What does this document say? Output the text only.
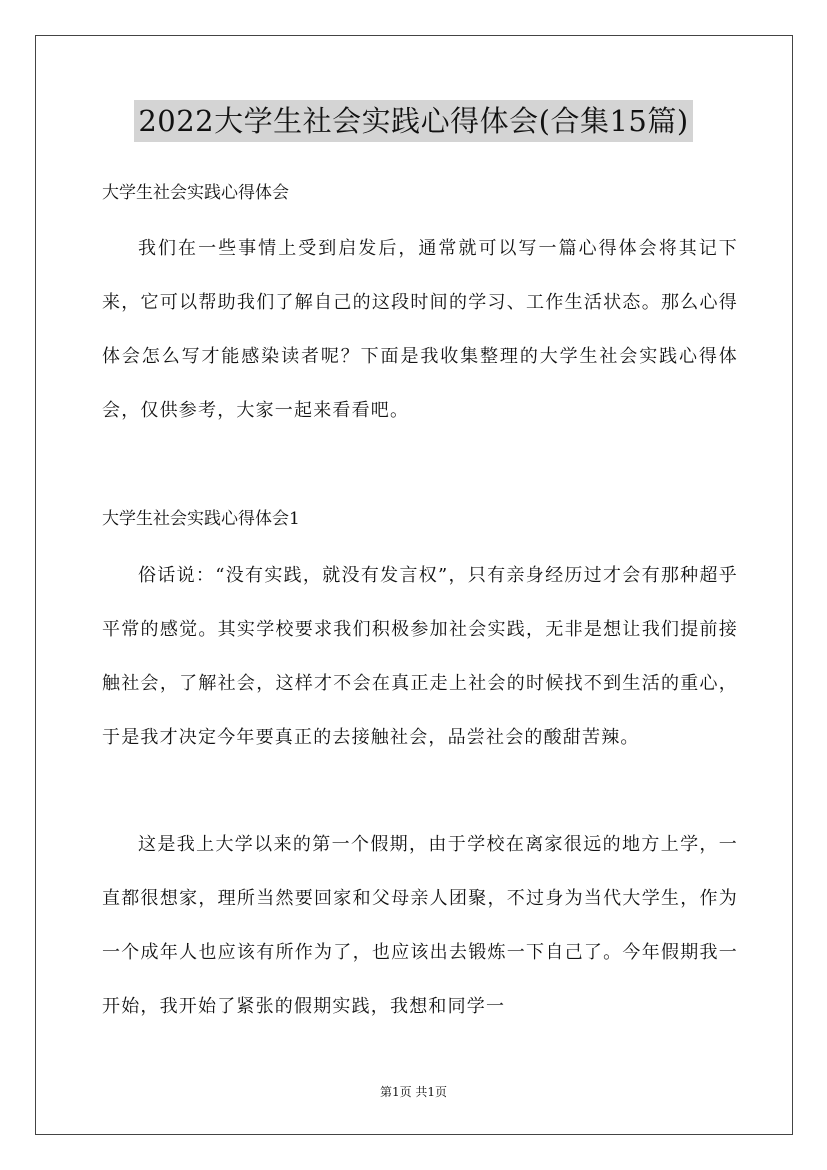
2022大学生社会实践心得体会(合集15篇)

大学生社会实践心得体会

我们在一些事情上受到启发后，通常就可以写一篇心得体会将其记下来，它可以帮助我们了解自己的这段时间的学习、工作生活状态。那么心得体会怎么写才能感染读者呢？下面是我收集整理的大学生社会实践心得体会，仅供参考，大家一起来看看吧。

大学生社会实践心得体会1

俗话说：“没有实践，就没有发言权”，只有亲身经历过才会有那种超乎平常的感觉。其实学校要求我们积极参加社会实践，无非是想让我们提前接触社会，了解社会，这样才不会在真正走上社会的时候找不到生活的重心，于是我才决定今年要真正的去接触社会，品尝社会的酸甜苦辣。

这是我上大学以来的第一个假期，由于学校在离家很远的地方上学，一直都很想家，理所当然要回家和父母亲人团聚，不过身为当代大学生，作为一个成年人也应该有所作为了，也应该出去锻炼一下自己了。今年假期我一开始，我开始了紧张的假期实践，我想和同学一

第1页 共1页
